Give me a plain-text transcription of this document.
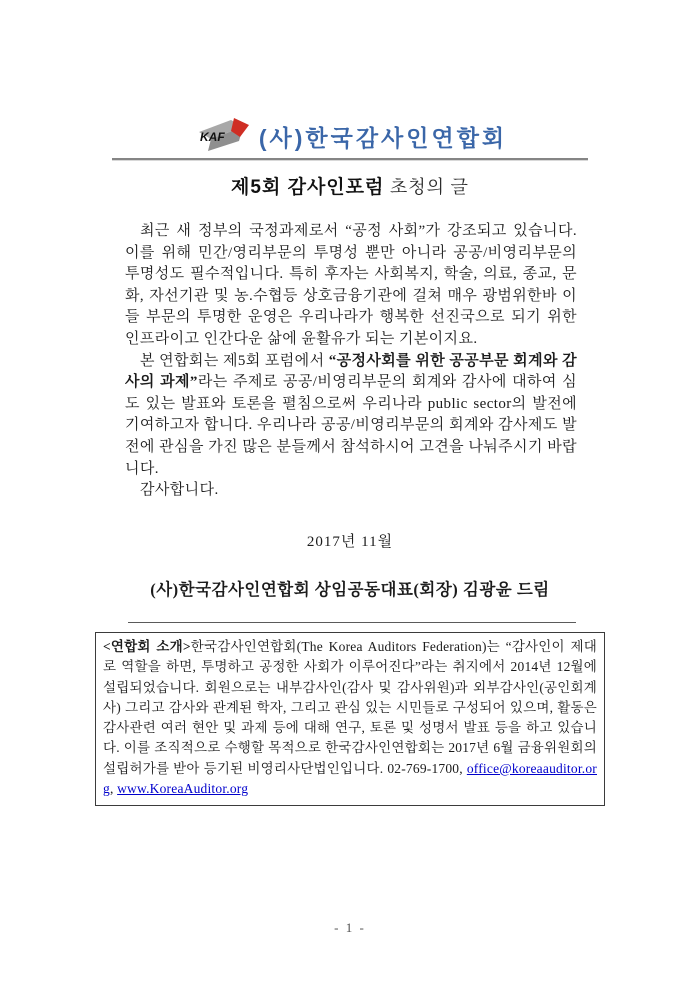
KAF (사)한국감사인연합회
제5회 감사인포럼 초청의 글

최근 새 정부의 국정과제로서 “공정 사회”가 강조되고 있습니다. 이를 위해 민간/영리부문의 투명성 뿐만 아니라 공공/비영리부문의 투명성도 필수적입니다. 특히 후자는 사회복지, 학술, 의료, 종교, 문화, 자선기관 및 농.수협등 상호금융기관에 걸쳐 매우 광범위한바 이들 부문의 투명한 운영은 우리나라가 행복한 선진국으로 되기 위한 인프라이고 인간다운 삶에 윤활유가 되는 기본이지요.

본 연합회는 제5회 포럼에서 “공정사회를 위한 공공부문 회계와 감사의 과제”라는 주제로 공공/비영리부문의 회계와 감사에 대하여 심도 있는 발표와 토론을 펼침으로써 우리나라 public sector의 발전에 기여하고자 합니다. 우리나라 공공/비영리부문의 회계와 감사제도 발전에 관심을 가진 많은 분들께서 참석하시어 고견을 나눠주시기 바랍니다.

감사합니다.

2017년 11월
(사)한국감사인연합회 상임공동대표(회장) 김광윤 드림
<연합회 소개>한국감사인연합회(The Korea Auditors Federation)는 “감사인이 제대로 역할을 하면, 투명하고 공정한 사회가 이루어진다”라는 취지에서 2014년 12월에 설립되었습니다. 회원으로는 내부감사인(감사 및 감사위원)과 외부감사인(공인회계사) 그리고 감사와 관계된 학자, 그리고 관심 있는 시민들로 구성되어 있으며, 활동은 감사관련 여러 현안 및 과제 등에 대해 연구, 토론 및 성명서 발표 등을 하고 있습니다. 이를 조직적으로 수행할 목적으로 한국감사인연합회는 2017년 6월 금융위원회의 설립허가를 받아 등기된 비영리사단법인입니다. 02-769-1700, office@koreaauditor.org, www.KoreaAuditor.org
- 1 -
